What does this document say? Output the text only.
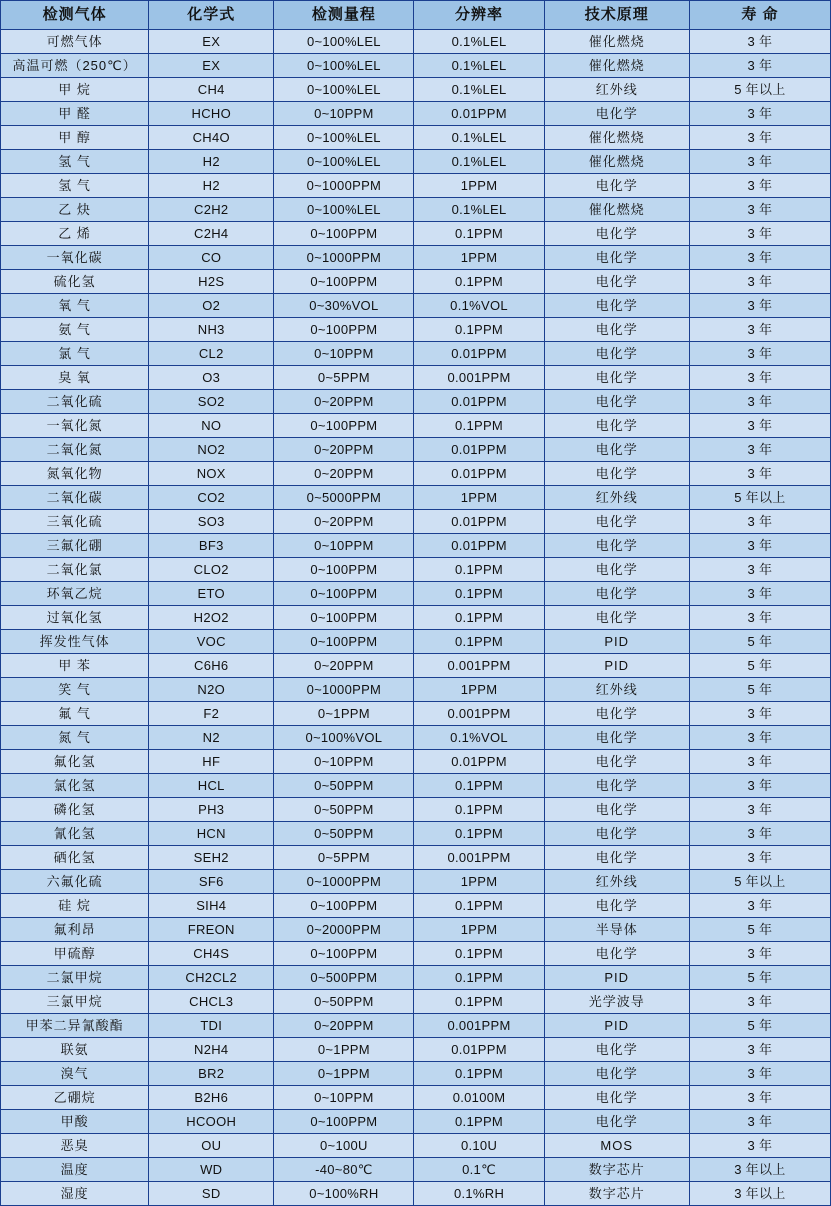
检测气体	化学式	检测量程	分辨率	技术原理	寿 命
可燃气体	EX	0~100%LEL	0.1%LEL	催化燃烧	3 年
高温可燃（250℃）	EX	0~100%LEL	0.1%LEL	催化燃烧	3 年
甲 烷	CH4	0~100%LEL	0.1%LEL	红外线	5 年以上
甲 醛	HCHO	0~10PPM	0.01PPM	电化学	3 年
甲 醇	CH4O	0~100%LEL	0.1%LEL	催化燃烧	3 年
氢 气	H2	0~100%LEL	0.1%LEL	催化燃烧	3 年
氢 气	H2	0~1000PPM	1PPM	电化学	3 年
乙 炔	C2H2	0~100%LEL	0.1%LEL	催化燃烧	3 年
乙 烯	C2H4	0~100PPM	0.1PPM	电化学	3 年
一氧化碳	CO	0~1000PPM	1PPM	电化学	3 年
硫化氢	H2S	0~100PPM	0.1PPM	电化学	3 年
氧 气	O2	0~30%VOL	0.1%VOL	电化学	3 年
氨 气	NH3	0~100PPM	0.1PPM	电化学	3 年
氯 气	CL2	0~10PPM	0.01PPM	电化学	3 年
臭 氧	O3	0~5PPM	0.001PPM	电化学	3 年
二氧化硫	SO2	0~20PPM	0.01PPM	电化学	3 年
一氧化氮	NO	0~100PPM	0.1PPM	电化学	3 年
二氧化氮	NO2	0~20PPM	0.01PPM	电化学	3 年
氮氧化物	NOX	0~20PPM	0.01PPM	电化学	3 年
二氧化碳	CO2	0~5000PPM	1PPM	红外线	5 年以上
三氧化硫	SO3	0~20PPM	0.01PPM	电化学	3 年
三氟化硼	BF3	0~10PPM	0.01PPM	电化学	3 年
二氧化氯	CLO2	0~100PPM	0.1PPM	电化学	3 年
环氧乙烷	ETO	0~100PPM	0.1PPM	电化学	3 年
过氧化氢	H2O2	0~100PPM	0.1PPM	电化学	3 年
挥发性气体	VOC	0~100PPM	0.1PPM	PID	5 年
甲 苯	C6H6	0~20PPM	0.001PPM	PID	5 年
笑 气	N2O	0~1000PPM	1PPM	红外线	5 年
氟 气	F2	0~1PPM	0.001PPM	电化学	3 年
氮 气	N2	0~100%VOL	0.1%VOL	电化学	3 年
氟化氢	HF	0~10PPM	0.01PPM	电化学	3 年
氯化氢	HCL	0~50PPM	0.1PPM	电化学	3 年
磷化氢	PH3	0~50PPM	0.1PPM	电化学	3 年
氰化氢	HCN	0~50PPM	0.1PPM	电化学	3 年
硒化氢	SEH2	0~5PPM	0.001PPM	电化学	3 年
六氟化硫	SF6	0~1000PPM	1PPM	红外线	5 年以上
硅 烷	SIH4	0~100PPM	0.1PPM	电化学	3 年
氟利昂	FREON	0~2000PPM	1PPM	半导体	5 年
甲硫醇	CH4S	0~100PPM	0.1PPM	电化学	3 年
二氯甲烷	CH2CL2	0~500PPM	0.1PPM	PID	5 年
三氯甲烷	CHCL3	0~50PPM	0.1PPM	光学波导	3 年
甲苯二异氰酸酯	TDI	0~20PPM	0.001PPM	PID	5 年
联氨	N2H4	0~1PPM	0.01PPM	电化学	3 年
溴气	BR2	0~1PPM	0.1PPM	电化学	3 年
乙硼烷	B2H6	0~10PPM	0.0100M	电化学	3 年
甲酸	HCOOH	0~100PPM	0.1PPM	电化学	3 年
恶臭	OU	0~100U	0.10U	MOS	3 年
温度	WD	-40~80℃	0.1℃	数字芯片	3 年以上
湿度	SD	0~100%RH	0.1%RH	数字芯片	3 年以上
